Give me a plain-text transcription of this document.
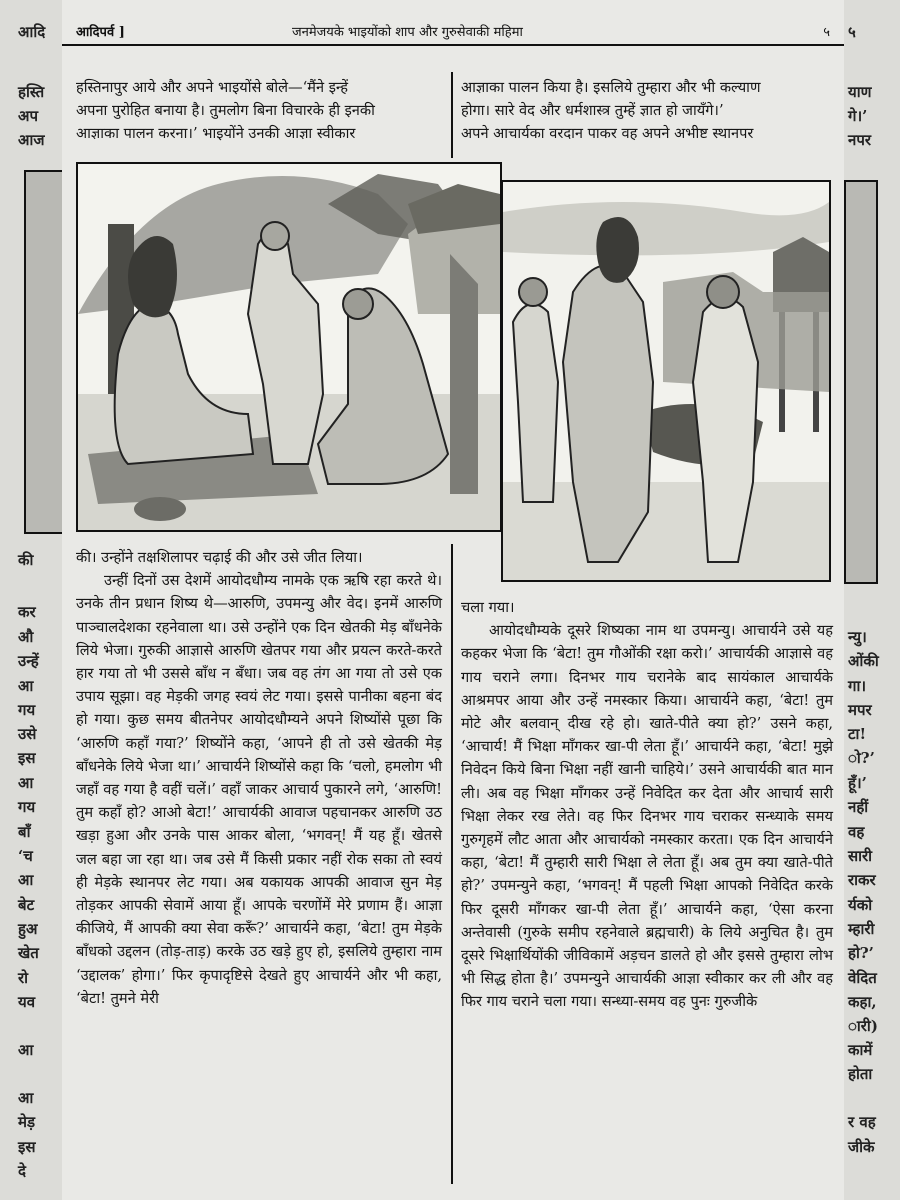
आदि
हस्ति
अप
आज
की
कर
औ
उन्हें
आ
गय
उसे
इस
आ
गय
बाँ
‘च
आ
बेट
हुअ
खेत
रो
यव
आ
आ
मेड़
इस
दे
५
याण
गे।’
नपर
न्यु।
ओंकी
गा।
मपर
टा!
ो?’
हूँ।’
नहीं
वह
सारी
राकर
र्यको
म्हारी
हो?’
वेदित
कहा,
ारी)
कामें
होता
र वह
जीके
आदिपर्व ]	जनमेजयके भाइयोंको शाप और गुरुसेवाकी महिमा	५

हस्तिनापुर आये और अपने भाइयोंसे बोले—‘मैंने इन्हें

अपना पुरोहित बनाया है। तुमलोग बिना विचारके ही इनकी

आज्ञाका पालन करना।’ भाइयोंने उनकी आज्ञा स्वीकार

आज्ञाका पालन किया है। इसलिये तुम्हारा और भी कल्याण

होगा। सारे वेद और धर्मशास्त्र तुम्हें ज्ञात हो जायँगे।’

अपने आचार्यका वरदान पाकर वह अपने अभीष्ट स्थानपर

की। उन्होंने तक्षशिलापर चढ़ाई की और उसे जीत लिया।

उन्हीं दिनों उस देशमें आयोदधौम्य नामके एक ऋषि रहा करते थे। उनके तीन प्रधान शिष्य थे—आरुणि, उपमन्यु और वेद। इनमें आरुणि पाञ्चालदेशका रहनेवाला था। उसे उन्होंने एक दिन खेतकी मेड़ बाँधनेके लिये भेजा। गुरुकी आज्ञासे आरुणि खेतपर गया और प्रयत्न करते-करते हार गया तो भी उससे बाँध न बँधा। जब वह तंग आ गया तो उसे एक उपाय सूझा। वह मेड़की जगह स्वयं लेट गया। इससे पानीका बहना बंद हो गया। कुछ समय बीतनेपर आयोदधौम्यने अपने शिष्योंसे पूछा कि ‘आरुणि कहाँ गया?’ शिष्योंने कहा, ‘आपने ही तो उसे खेतकी मेड़ बाँधनेके लिये भेजा था।’ आचार्यने शिष्योंसे कहा कि ‘चलो, हमलोग भी जहाँ वह गया है वहीं चलें।’ वहाँ जाकर आचार्य पुकारने लगे, ‘आरुणि! तुम कहाँ हो? आओ बेटा!’ आचार्यकी आवाज पहचानकर आरुणि उठ खड़ा हुआ और उनके पास आकर बोला, ‘भगवन्! मैं यह हूँ। खेतसे जल बहा जा रहा था। जब उसे मैं किसी प्रकार नहीं रोक सका तो स्वयं ही मेड़के स्थानपर लेट गया। अब यकायक आपकी आवाज सुन मेड़ तोड़कर आपकी सेवामें आया हूँ। आपके चरणोंमें मेरे प्रणाम हैं। आज्ञा कीजिये, मैं आपकी क्या सेवा करूँ?’ आचार्यने कहा, ‘बेटा! तुम मेड़के बाँधको उद्दलन (तोड़-ताड़) करके उठ खड़े हुए हो, इसलिये तुम्हारा नाम ‘उद्दालक’ होगा।’ फिर कृपादृष्टिसे देखते हुए आचार्यने और भी कहा, ‘बेटा! तुमने मेरी

चला गया।

आयोदधौम्यके दूसरे शिष्यका नाम था उपमन्यु। आचार्यने उसे यह कहकर भेजा कि ‘बेटा! तुम गौओंकी रक्षा करो।’ आचार्यकी आज्ञासे वह गाय चराने लगा। दिनभर गाय चरानेके बाद सायंकाल आचार्यके आश्रमपर आया और उन्हें नमस्कार किया। आचार्यने कहा, ‘बेटा! तुम मोटे और बलवान् दीख रहे हो। खाते-पीते क्या हो?’ उसने कहा, ‘आचार्य! मैं भिक्षा माँगकर खा-पी लेता हूँ।’ आचार्यने कहा, ‘बेटा! मुझे निवेदन किये बिना भिक्षा नहीं खानी चाहिये।’ उसने आचार्यकी बात मान ली। अब वह भिक्षा माँगकर उन्हें निवेदित कर देता और आचार्य सारी भिक्षा लेकर रख लेते। वह फिर दिनभर गाय चराकर सन्ध्याके समय गुरुगृहमें लौट आता और आचार्यको नमस्कार करता। एक दिन आचार्यने कहा, ‘बेटा! मैं तुम्हारी सारी भिक्षा ले लेता हूँ। अब तुम क्या खाते-पीते हो?’ उपमन्युने कहा, ‘भगवन्! मैं पहली भिक्षा आपको निवेदित करके फिर दूसरी माँगकर खा-पी लेता हूँ।’ आचार्यने कहा, ‘ऐसा करना अन्तेवासी (गुरुके समीप रहनेवाले ब्रह्मचारी) के लिये अनुचित है। तुम दूसरे भिक्षार्थियोंकी जीविकामें अड़चन डालते हो और इससे तुम्हारा लोभ भी सिद्ध होता है।’ उपमन्युने आचार्यकी आज्ञा स्वीकार कर ली और वह फिर गाय चराने चला गया। सन्ध्या-समय वह पुनः गुरुजीके
